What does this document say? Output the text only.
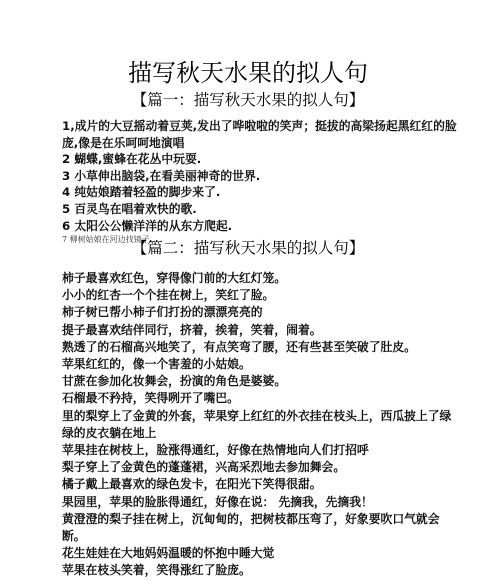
描写秋天水果的拟人句
【篇一：描写秋天水果的拟人句】
1,成片的大豆摇动着豆荚,发出了哗啦啦的笑声；挺拔的高梁扬起黑红红的脸庞,像是在乐呵呵地演唱
2 蝴蝶,蜜蜂在花丛中玩耍.
3 小草伸出脑袋,在看美丽神奇的世界.
4 纯姑娘踏着轻盈的脚步来了.
5 百灵鸟在唱着欢快的歌.
6 太阳公公懒洋洋的从东方爬起.
7 柳树姑娘在河边找镜子.
【篇二：描写秋天水果的拟人句】
柿子最喜欢红色，穿得像门前的大红灯笼。
小小的红杏一个个挂在树上，笑红了脸。
柿子树已帮小柿子们打扮的漂漂亮亮的
提子最喜欢结伴同行，挤着，挨着，笑着，闹着。
熟透了的石榴高兴地笑了，有点笑弯了腰，还有些甚至笑破了肚皮。
苹果红红的，像一个害羞的小姑娘。
甘蔗在参加化妆舞会，扮演的角色是婆婆。
石榴最不矜持，笑得咧开了嘴巴。
里的梨穿上了金黄的外套，苹果穿上红红的外衣挂在枝头上，西瓜披上了绿绿的皮衣躺在地上
苹果挂在树枝上，脸涨得通红，好像在热情地向人们打招呼
梨子穿上了金黄色的蓬蓬裙，兴高采烈地去参加舞会。
橘子戴上最喜欢的绿色发卡，在阳光下笑得很甜。
果园里，苹果的脸胀得通红，好像在说： 先摘我，先摘我！
黄澄澄的梨子挂在树上，沉甸甸的，把树枝都压弯了，好象要吹口气就会断。
花生娃娃在大地妈妈温暖的怀抱中睡大觉
苹果在枝头笑着，笑得涨红了脸庞。
